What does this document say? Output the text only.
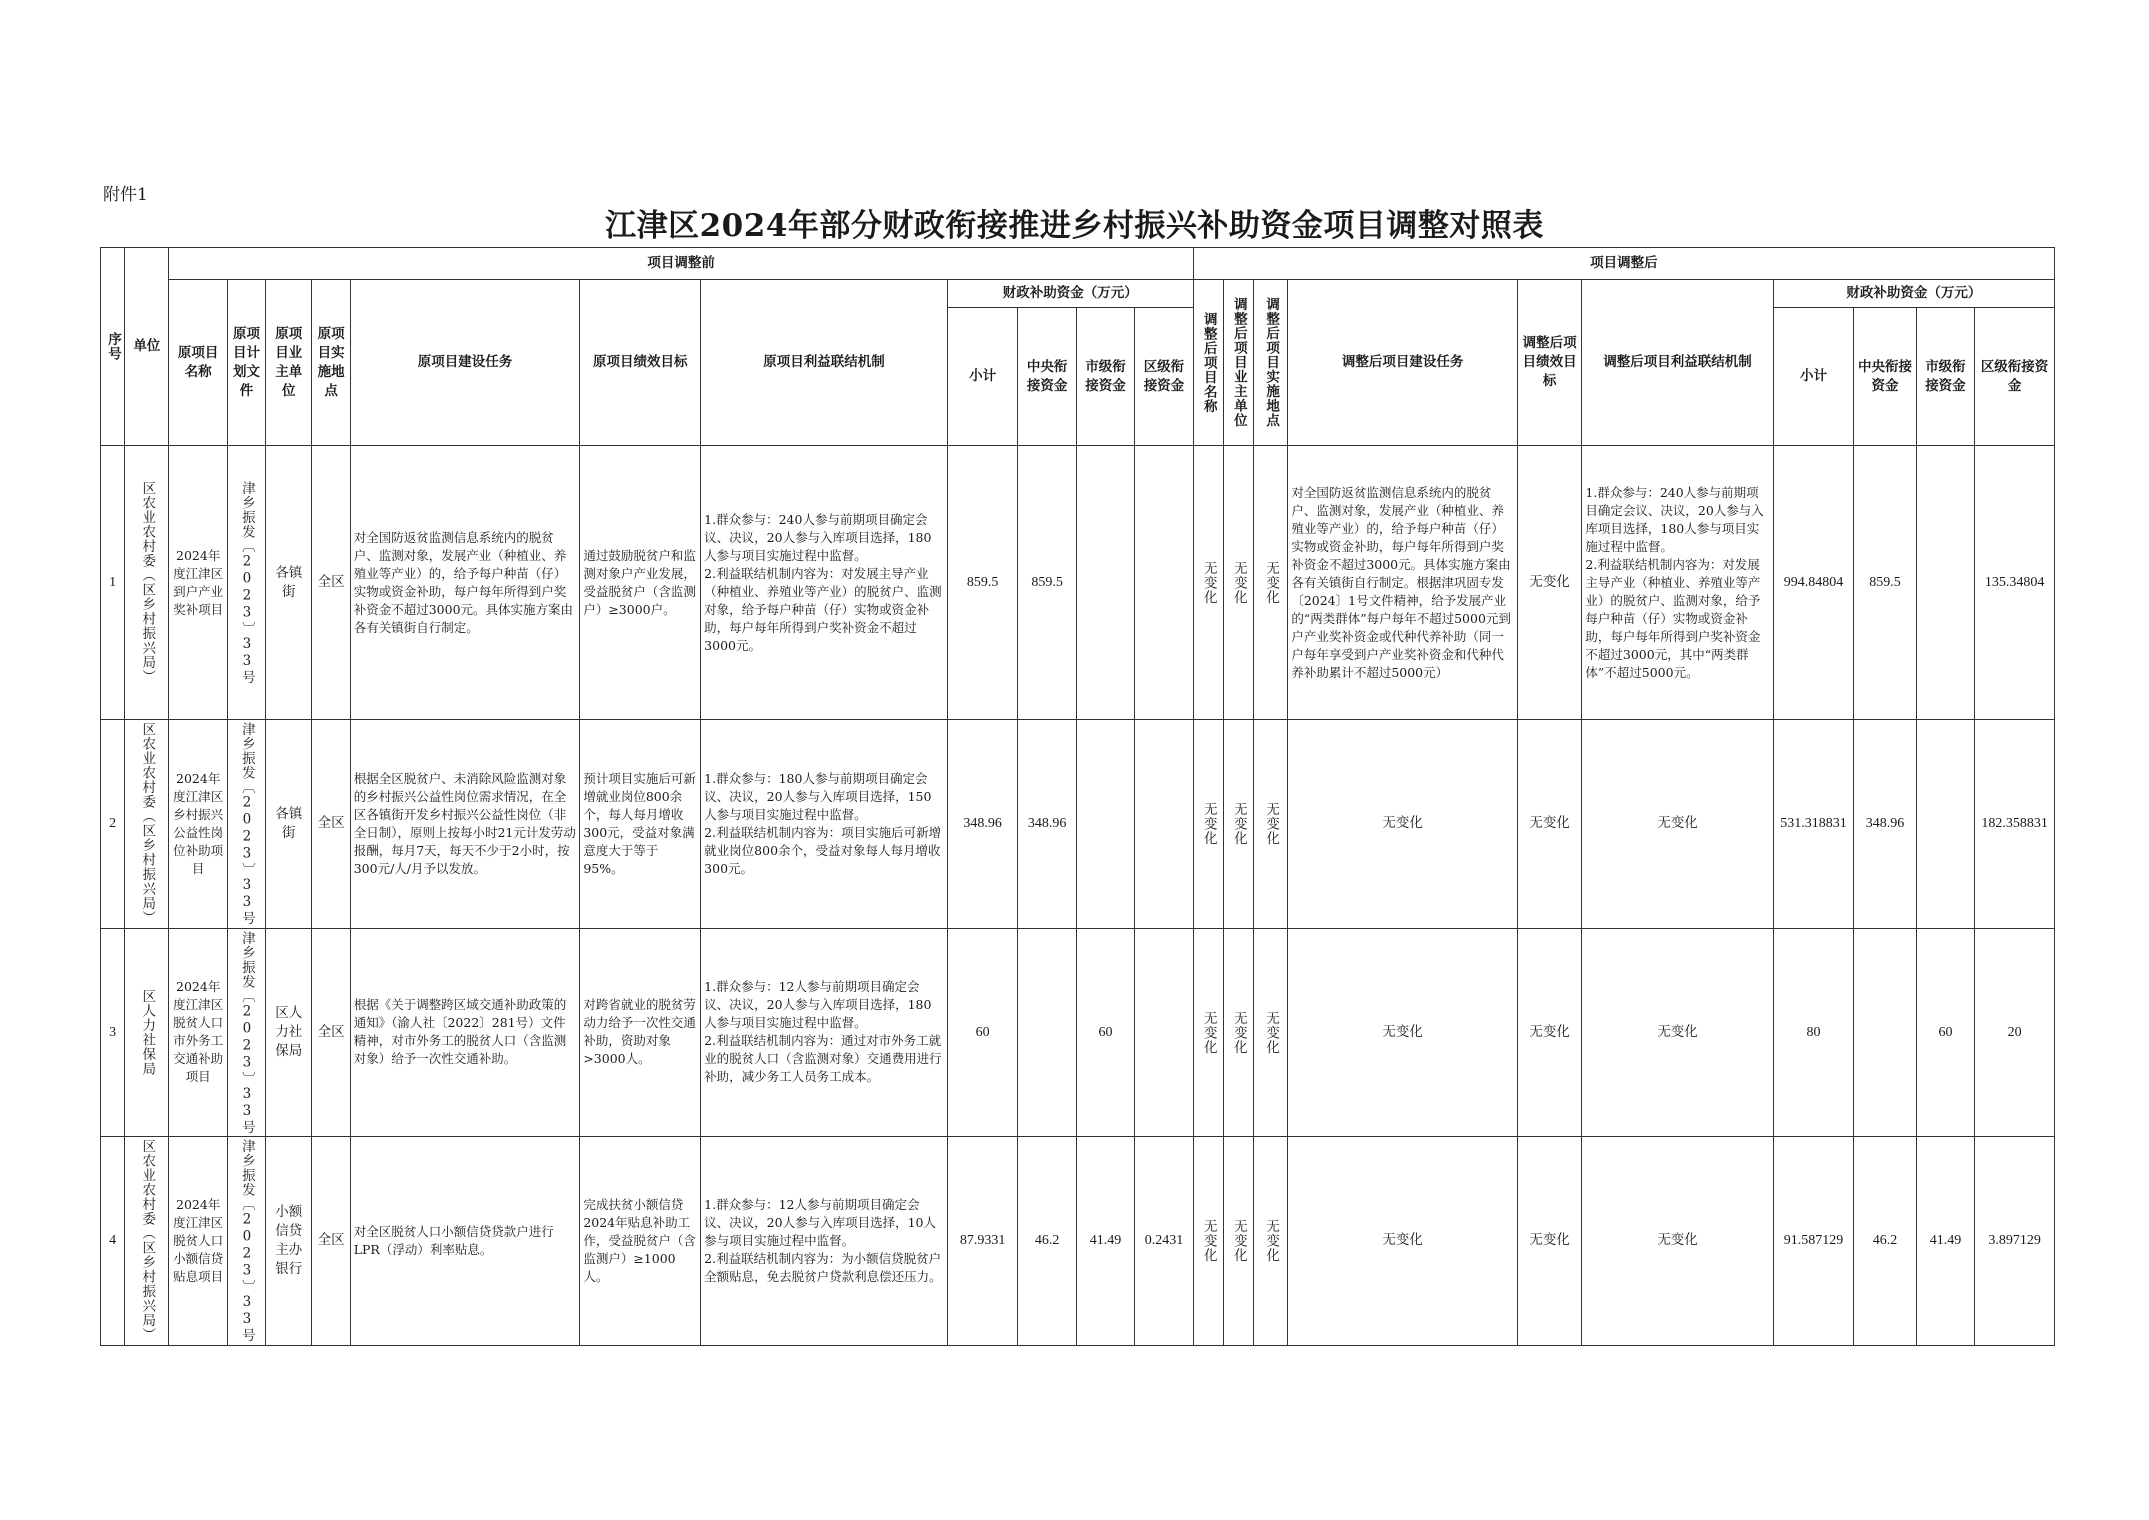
附件1
江津区2024年部分财政衔接推进乡村振兴补助资金项目调整对照表
序号	单位	项目调整前											项目调整后									
		原项目名称	原项目计划文件	原项目业主单位	原项目实施地点	原项目建设任务	原项目绩效目标	原项目利益联结机制	财政补助资金（万元）				调整后项目名称	调整后项目业主单位	调整后项目实施地点	调整后项目建设任务	调整后项目绩效目标	调整后项目利益联结机制	财政补助资金（万元）			
									小计	中央衔接资金	市级衔接资金	区级衔接资金							小计	中央衔接资金	市级衔接资金	区级衔接资金
1	区农业农村委（区乡村振兴局）	2024年度江津区到户产业奖补项目	津乡振发〔2023〕33号	各镇街	全区	对全国防返贫监测信息系统内的脱贫户、监测对象，发展产业（种植业、养殖业等产业）的，给予每户种苗（仔）实物或资金补助，每户每年所得到户奖补资金不超过3000元。具体实施方案由各有关镇街自行制定。	通过鼓励脱贫户和监测对象户产业发展，受益脱贫户（含监测户）≥3000户。	1.群众参与：240人参与前期项目确定会议、决议，20人参与入库项目选择，180人参与项目实施过程中监督。
2.利益联结机制内容为：对发展主导产业（种植业、养殖业等产业）的脱贫户、监测对象，给予每户种苗（仔）实物或资金补助，每户每年所得到户奖补资金不超过3000元。	859.5	859.5			无变化	无变化	无变化	对全国防返贫监测信息系统内的脱贫户、监测对象，发展产业（种植业、养殖业等产业）的，给予每户种苗（仔）实物或资金补助，每户每年所得到户奖补资金不超过3000元。具体实施方案由各有关镇街自行制定。根据津巩固专发〔2024〕1号文件精神，给予发展产业的“两类群体”每户每年不超过5000元到户产业奖补资金或代种代养补助（同一户每年享受到户产业奖补资金和代种代养补助累计不超过5000元）	无变化	1.群众参与：240人参与前期项目确定会议、决议，20人参与入库项目选择，180人参与项目实施过程中监督。
2.利益联结机制内容为：对发展主导产业（种植业、养殖业等产业）的脱贫户、监测对象，给予每户种苗（仔）实物或资金补助，每户每年所得到户奖补资金不超过3000元，其中“两类群体”不超过5000元。	994.84804	859.5		135.34804
2	区农业农村委（区乡村振兴局）	2024年度江津区乡村振兴公益性岗位补助项目	津乡振发〔2023〕33号	各镇街	全区	根据全区脱贫户、未消除风险监测对象的乡村振兴公益性岗位需求情况，在全区各镇街开发乡村振兴公益性岗位（非全日制），原则上按每小时21元计发劳动报酬，每月7天，每天不少于2小时，按300元/人/月予以发放。	预计项目实施后可新增就业岗位800余个，每人每月增收300元，受益对象满意度大于等于95%。	1.群众参与：180人参与前期项目确定会议、决议，20人参与入库项目选择，150人参与项目实施过程中监督。
2.利益联结机制内容为：项目实施后可新增就业岗位800余个，受益对象每人每月增收300元。	348.96	348.96			无变化	无变化	无变化	无变化	无变化	无变化	531.318831	348.96		182.358831
3	区人力社保局	2024年度江津区脱贫人口市外务工交通补助项目	津乡振发〔2023〕33号	区人力社保局	全区	根据《关于调整跨区域交通补助政策的通知》（渝人社〔2022〕281号）文件精神，对市外务工的脱贫人口（含监测对象）给予一次性交通补助。	对跨省就业的脱贫劳动力给予一次性交通补助，资助对象>3000人。	1.群众参与：12人参与前期项目确定会议、决议，20人参与入库项目选择，180人参与项目实施过程中监督。
2.利益联结机制内容为：通过对市外务工就业的脱贫人口（含监测对象）交通费用进行补助，减少务工人员务工成本。	60		60		无变化	无变化	无变化	无变化	无变化	无变化	80		60	20
4	区农业农村委（区乡村振兴局）	2024年度江津区脱贫人口小额信贷贴息项目	津乡振发〔2023〕33号	小额信贷主办银行	全区	对全区脱贫人口小额信贷贷款户进行LPR（浮动）利率贴息。	完成扶贫小额信贷2024年贴息补助工作，受益脱贫户（含监测户）≥1000人。	1.群众参与：12人参与前期项目确定会议、决议，20人参与入库项目选择，10人参与项目实施过程中监督。
2.利益联结机制内容为：为小额信贷脱贫户全额贴息，免去脱贫户贷款利息偿还压力。	87.9331	46.2	41.49	0.2431	无变化	无变化	无变化	无变化	无变化	无变化	91.587129	46.2	41.49	3.897129
